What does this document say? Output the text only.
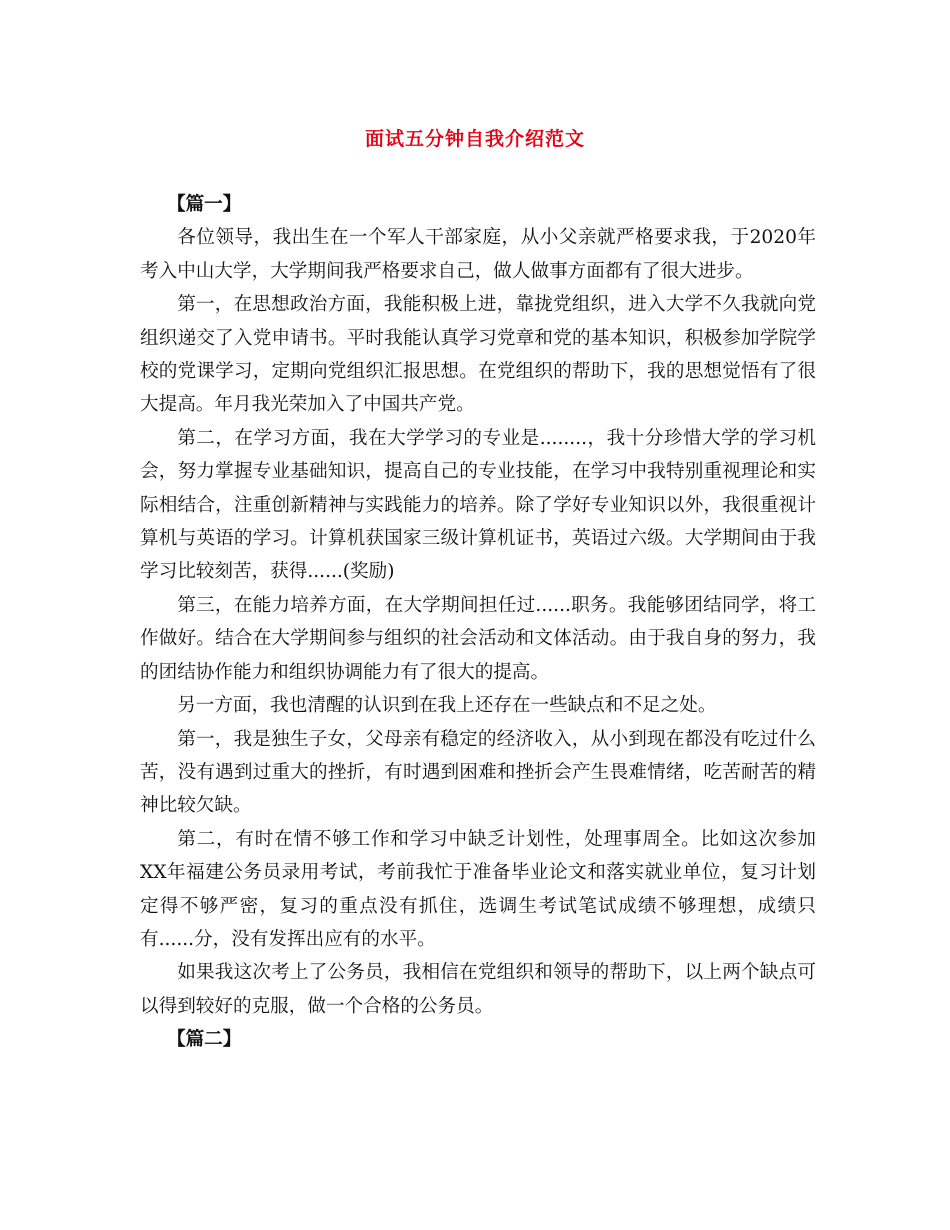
面试五分钟自我介绍范文

【篇一】

各位领导，我出生在一个军人干部家庭，从小父亲就严格要求我，于2020年考入中山大学，大学期间我严格要求自己，做人做事方面都有了很大进步。

第一，在思想政治方面，我能积极上进，靠拢党组织，进入大学不久我就向党组织递交了入党申请书。平时我能认真学习党章和党的基本知识，积极参加学院学校的党课学习，定期向党组织汇报思想。在党组织的帮助下，我的思想觉悟有了很大提高。年月我光荣加入了中国共产党。

第二，在学习方面，我在大学学习的专业是........，我十分珍惜大学的学习机会，努力掌握专业基础知识，提高自己的专业技能，在学习中我特别重视理论和实际相结合，注重创新精神与实践能力的培养。除了学好专业知识以外，我很重视计算机与英语的学习。计算机获国家三级计算机证书，英语过六级。大学期间由于我学习比较刻苦，获得......(奖励)

第三，在能力培养方面，在大学期间担任过......职务。我能够团结同学，将工作做好。结合在大学期间参与组织的社会活动和文体活动。由于我自身的努力，我的团结协作能力和组织协调能力有了很大的提高。

另一方面，我也清醒的认识到在我上还存在一些缺点和不足之处。

第一，我是独生子女，父母亲有稳定的经济收入，从小到现在都没有吃过什么苦，没有遇到过重大的挫折，有时遇到困难和挫折会产生畏难情绪，吃苦耐苦的精神比较欠缺。

第二，有时在情不够工作和学习中缺乏计划性，处理事周全。比如这次参加XX年福建公务员录用考试，考前我忙于准备毕业论文和落实就业单位，复习计划定得不够严密，复习的重点没有抓住，选调生考试笔试成绩不够理想，成绩只有......分，没有发挥出应有的水平。

如果我这次考上了公务员，我相信在党组织和领导的帮助下，以上两个缺点可以得到较好的克服，做一个合格的公务员。

【篇二】
